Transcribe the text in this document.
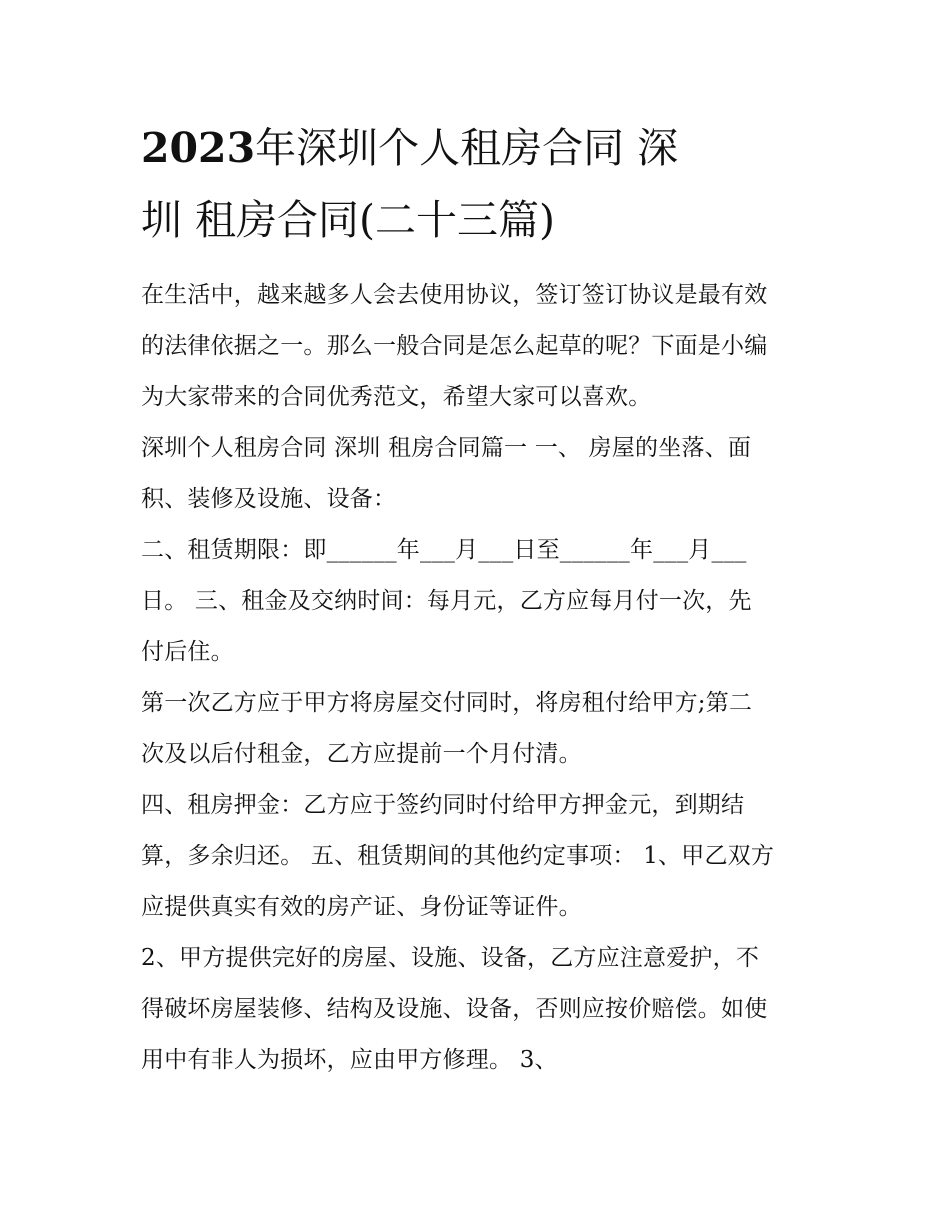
2023年深圳个人租房合同 深
圳 租房合同(二十三篇)

在生活中，越来越多人会去使用协议，签订签订协议是最有效
的法律依据之一。那么一般合同是怎么起草的呢？下面是小编
为大家带来的合同优秀范文，希望大家可以喜欢。

深圳个人租房合同 深圳 租房合同篇一 一、 房屋的坐落、面
积、装修及设施、设备：

二、租赁期限：即______年___月___日至______年___月___
日。 三、租金及交纳时间：每月元，乙方应每月付一次，先
付后住。

第一次乙方应于甲方将房屋交付同时，将房租付给甲方;第二
次及以后付租金，乙方应提前一个月付清。

四、租房押金：乙方应于签约同时付给甲方押金元，到期结
算，多余归还。 五、租赁期间的其他约定事项： 1、甲乙双方
应提供真实有效的房产证、身份证等证件。

2、甲方提供完好的房屋、设施、设备，乙方应注意爱护，不
得破坏房屋装修、结构及设施、设备，否则应按价赔偿。如使
用中有非人为损坏，应由甲方修理。 3、
